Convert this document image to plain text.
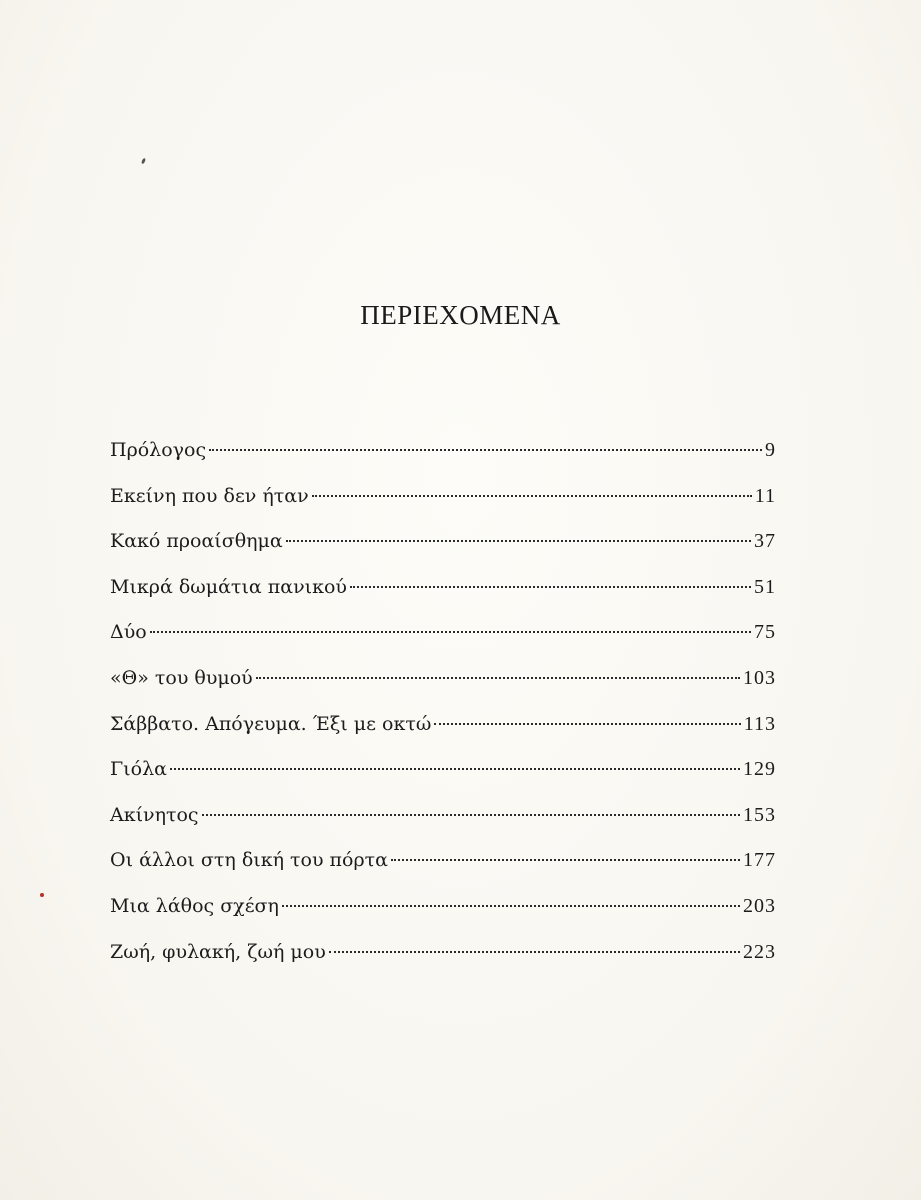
ΠΕΡΙΕΧΟΜΕΝΑ
Πρόλογος	9
Εκείνη που δεν ήταν	11
Κακό προαίσθημα	37
Μικρά δωμάτια πανικού	51
Δύο	75
«Θ» του θυμού	103
Σάββατο. Απόγευμα. Έξι με οκτώ	113
Γιόλα	129
Ακίνητος	153
Οι άλλοι στη δική του πόρτα	177
Μια λάθος σχέση	203
Ζωή, φυλακή, ζωή μου	223
